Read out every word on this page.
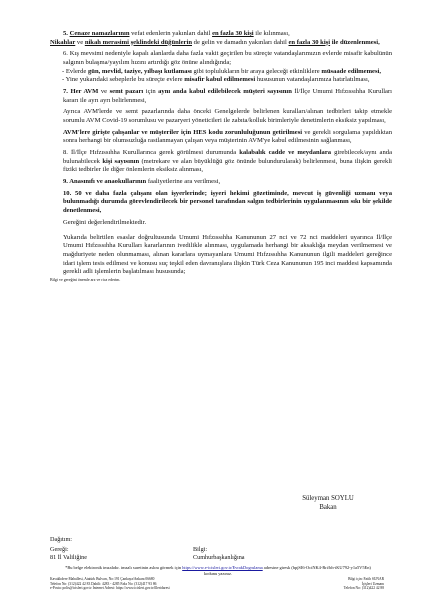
5. Cenaze namazlarının vefat edenlerin yakınları dahil en fazla 30 kişi ile kılınması,

Nikahlar ve nikah merasimi şeklindeki düğünlerin de gelin ve damadın yakınları dahil en fazla 30 kişi ile düzenlenmesi,

6. Kış mevsimi nedeniyle kapalı alanlarda daha fazla vakit geçirilen bu süreçte vatandaşlarımızın evlerde misafir kabulünün salgının bulaşma/yayılım hızını artırdığı göz önüne alındığında;

- Evlerde gün, mevlid, taziye, yılbaşı kutlaması gibi toplulukların bir araya geleceği etkinliklere müsaade edilmemesi,

- Yine yukarıdaki sebeplerle bu süreçte evlere misafir kabul edilmemesi hususunun vatandaşlarımıza hatırlatılması,

7. Her AVM ve semt pazarı için aynı anda kabul edilebilecek müşteri sayısının İl/İlçe Umumi Hıfzıssıhha Kurulları kararı ile ayrı ayrı belirlenmesi,

Ayrıca AVM'lerde ve semt pazarlarında daha önceki Genelgelerde belirlenen kuralları/alınan tedbirleri takip etmekle sorumlu AVM Covid-19 sorumlusu ve pazaryeri yöneticileri ile zabıta/kolluk birimleriyle denetimlerin eksiksiz yapılması,

AVM'lere girişte çalışanlar ve müşteriler için HES kodu zorunluluğunun getirilmesi ve gerekli sorgulama yapıldıktan sonra herhangi bir olumsuzluğa rastlanmayan çalışan veya müşterinin AVM'ye kabul edilmesinin sağlanması,

8. İl/İlçe Hıfzıssıhha Kurullarınca gerek görülmesi durumunda kalabalık cadde ve meydanlara girebilecek/aynı anda bulunabilecek kişi sayısının (metrekare ve alan büyüklüğü göz önünde bulundurularak) belirlenmesi, buna ilişkin gerekli fiziki tedbirler ile diğer önlemlerin eksiksiz alınması,

9. Anasınıfı ve anaokullarının faaliyetlerine ara verilmesi,

10. 50 ve daha fazla çalışanı olan işyerlerinde; işyeri hekimi gözetiminde, mevcut iş güvenliği uzmanı veya bulunmadığı durumda görevlendirilecek bir personel tarafından salgın tedbirlerinin uygulanmasının sıkı bir şekilde denetlenmesi,

Gereğini değerlendirilmektedir.

Yukarıda belirtilen esaslar doğrultusunda Umumi Hıfzıssıhha Kanununun 27 nci ve 72 nci maddeleri uyarınca İl/İlçe Umumi Hıfzıssıhha Kurulları kararlarının ivedilikle alınması, uygulamada herhangi bir aksaklığa meydan verilmemesi ve mağduriyete neden olunmaması, alınan kararlara uymayanlara Umumi Hıfzıssıhha Kanununun ilgili maddeleri gereğince idari işlem tesis edilmesi ve konusu suç teşkil eden davranışlara ilişkin Türk Ceza Kanununun 195 inci maddesi kapsamında gerekli adli işlemlerin başlatılması hususunda;

Bilgi ve gereğini önemle arz ve rica ederim.

Süleyman SOYLU
Bakan
Dağıtım:
Gereği:	Bilgi:
81 İl Valiliğine	Cumhurbaşkanlığına
*Bu belge elektronik imzalıdır. imzalı suretinin aslını görmek için https://www.e-icisleri.gov.tr/EvrakDogrulama adresine giresk (bpjSI6-OctNK4-Rri/bh-tKU792-y1a5V5En) kodunu yazınız.
Kavaklıdere Mahallesi, Atatürk Bulvarı, No:191 Çankaya/Ankara 06680
Telefon No: (312)422 42 83 Dahili: 4283 - 4285 Faks No: (312)417 93 86
e-Posta: polis@icisleri.gov.tr İnternet Adresi: https://www.icisleri.gov.tr/illeridaresi
Bilgi için: Fatih SUNAR
İçişleri Uzmanı
Telefon No: (312)422 42 88
